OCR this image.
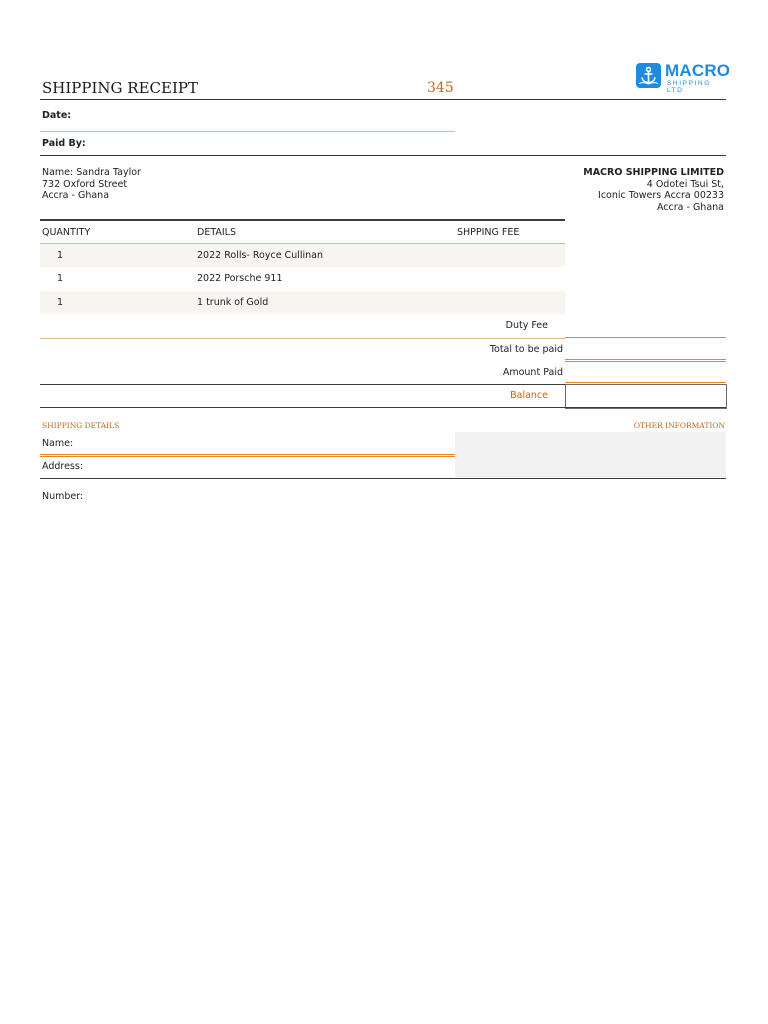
SHIPPING RECEIPT	345
MACRO
SHIPPING LTD
Date:
Paid By:
Name: Sandra Taylor
732 Oxford Street
Accra - Ghana
MACRO SHIPPING LIMITED
4 Odotei Tsui St,
Iconic Towers Accra 00233
Accra - Ghana
QUANTITY	DETAILS	SHPPING FEE
1	2022 Rolls- Royce Cullinan
1	2022 Porsche 911
1	1 trunk of Gold
Duty Fee
Total to be paid
Amount Paid
Balance
SHIPPING DETAILS	OTHER INFORMATION
Name:
Address:
Number:
